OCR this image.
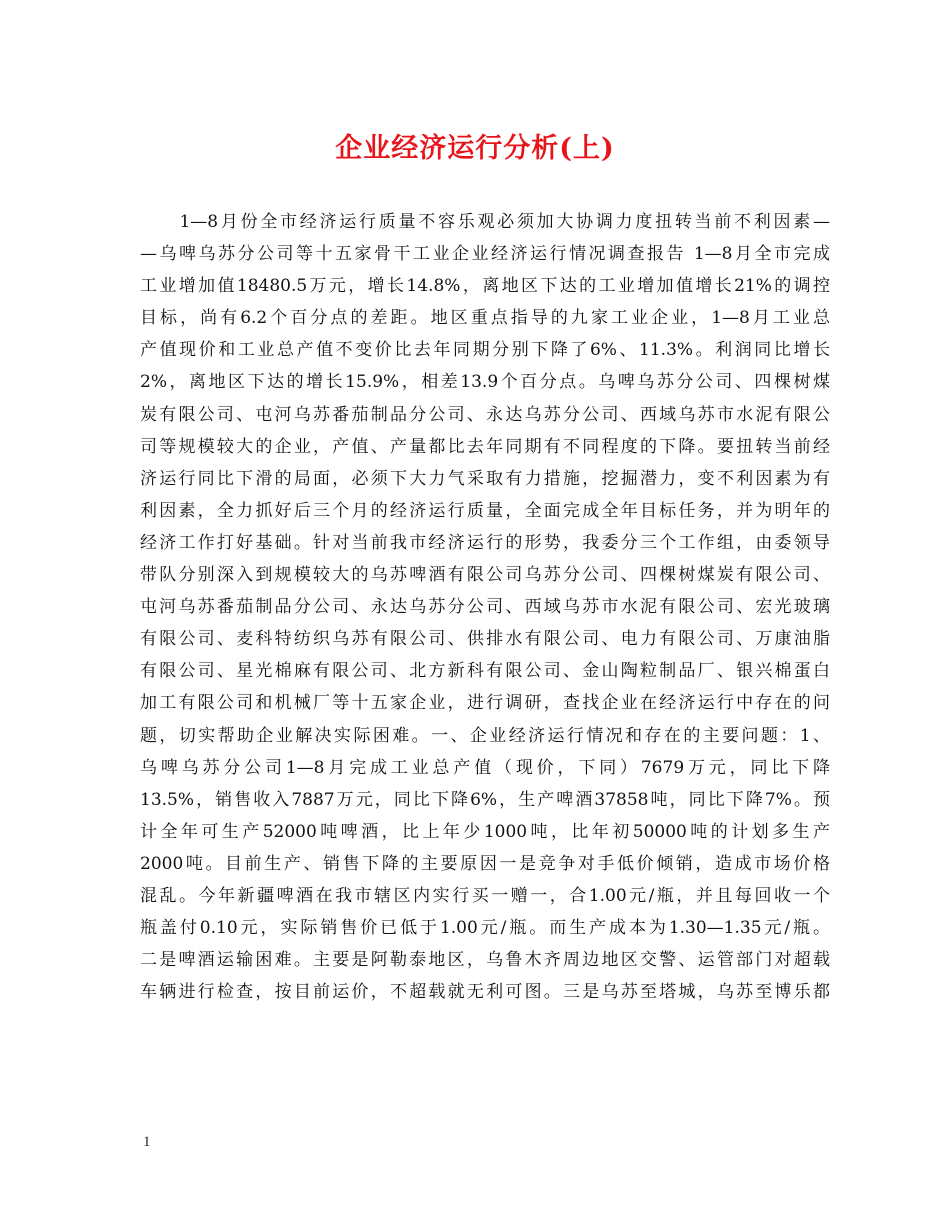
企业经济运行分析(上)
　　1—8月份全市经济运行质量不容乐观必须加大协调力度扭转当前不利因素—
—乌啤乌苏分公司等十五家骨干工业企业经济运行情况调查报告 1—8月全市完成
工业增加值18480.5万元，增长14.8%，离地区下达的工业增加值增长21%的调控
目标，尚有6.2个百分点的差距。地区重点指导的九家工业企业，1—8月工业总
产值现价和工业总产值不变价比去年同期分别下降了6%、11.3%。利润同比增长
2%，离地区下达的增长15.9%，相差13.9个百分点。乌啤乌苏分公司、四棵树煤
炭有限公司、屯河乌苏番茄制品分公司、永达乌苏分公司、西域乌苏市水泥有限公
司等规模较大的企业，产值、产量都比去年同期有不同程度的下降。要扭转当前经
济运行同比下滑的局面，必须下大力气采取有力措施，挖掘潜力，变不利因素为有
利因素，全力抓好后三个月的经济运行质量，全面完成全年目标任务，并为明年的
经济工作打好基础。针对当前我市经济运行的形势，我委分三个工作组，由委领导
带队分别深入到规模较大的乌苏啤酒有限公司乌苏分公司、四棵树煤炭有限公司、
屯河乌苏番茄制品分公司、永达乌苏分公司、西域乌苏市水泥有限公司、宏光玻璃
有限公司、麦科特纺织乌苏有限公司、供排水有限公司、电力有限公司、万康油脂
有限公司、星光棉麻有限公司、北方新科有限公司、金山陶粒制品厂、银兴棉蛋白
加工有限公司和机械厂等十五家企业，进行调研，查找企业在经济运行中存在的问
题，切实帮助企业解决实际困难。一、企业经济运行情况和存在的主要问题：1、
乌啤乌苏分公司1—8月完成工业总产值（现价，下同）7679万元，同比下降
13.5%，销售收入7887万元，同比下降6%，生产啤酒37858吨，同比下降7%。预
计全年可生产52000吨啤酒，比上年少1000吨，比年初50000吨的计划多生产
2000吨。目前生产、销售下降的主要原因一是竞争对手低价倾销，造成市场价格
混乱。今年新疆啤酒在我市辖区内实行买一赠一，合1.00元/瓶，并且每回收一个
瓶盖付0.10元，实际销售价已低于1.00元/瓶。而生产成本为1.30—1.35元/瓶。
二是啤酒运输困难。主要是阿勒泰地区，乌鲁木齐周边地区交警、运管部门对超载
车辆进行检查，按目前运价，不超载就无利可图。三是乌苏至塔城，乌苏至博乐都
1
